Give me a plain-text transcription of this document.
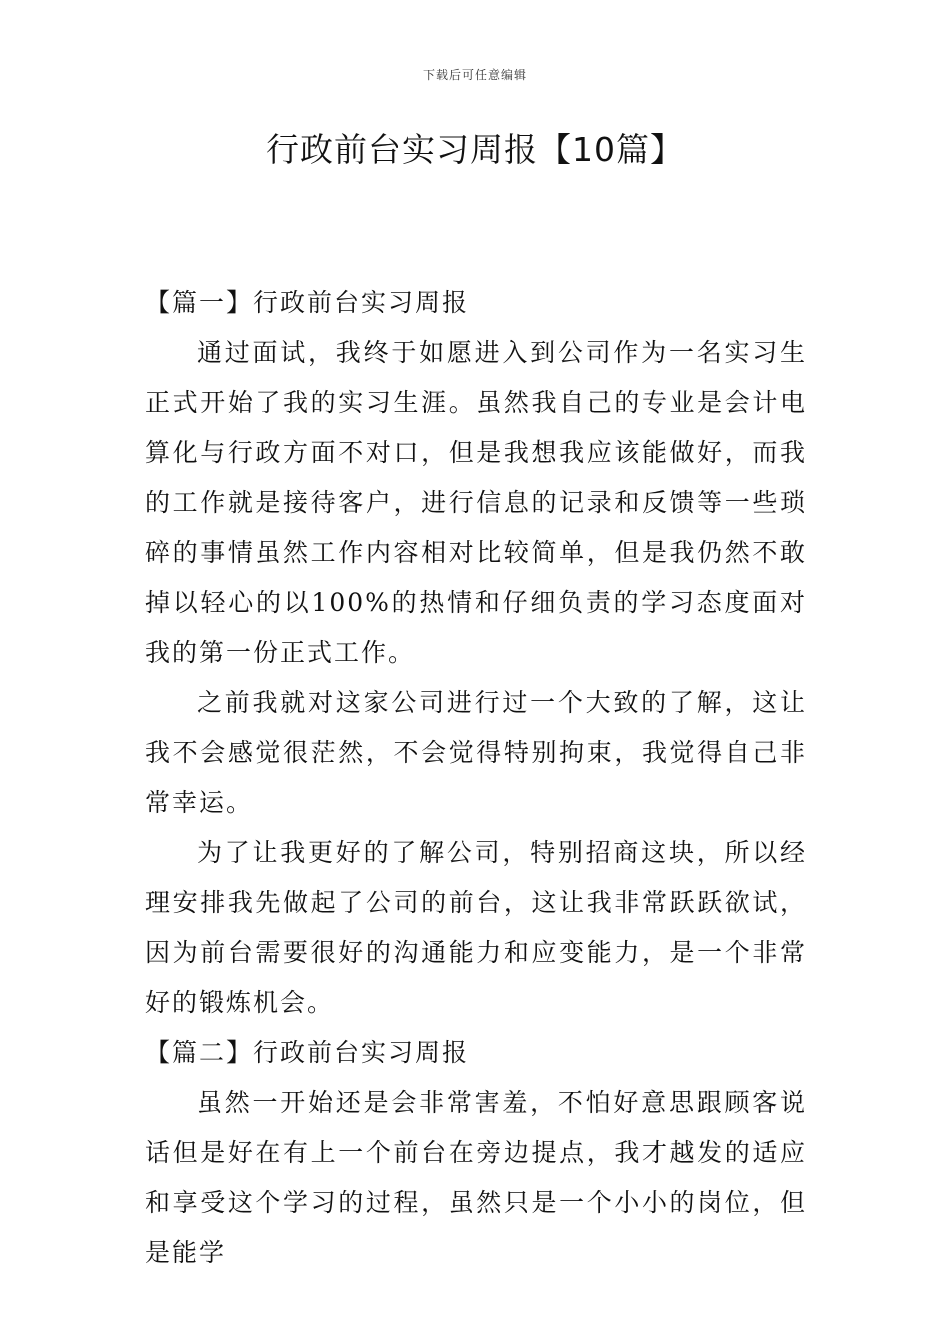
下载后可任意编辑
行政前台实习周报【10篇】
【篇一】行政前台实习周报

通过面试，我终于如愿进入到公司作为一名实习生正式开始了我的实习生涯。虽然我自己的专业是会计电算化与行政方面不对口，但是我想我应该能做好，而我的工作就是接待客户，进行信息的记录和反馈等一些琐碎的事情虽然工作内容相对比较简单，但是我仍然不敢掉以轻心的以100%的热情和仔细负责的学习态度面对我的第一份正式工作。

之前我就对这家公司进行过一个大致的了解，这让我不会感觉很茫然，不会觉得特别拘束，我觉得自己非常幸运。

为了让我更好的了解公司，特别招商这块，所以经理安排我先做起了公司的前台，这让我非常跃跃欲试，因为前台需要很好的沟通能力和应变能力，是一个非常好的锻炼机会。

【篇二】行政前台实习周报

虽然一开始还是会非常害羞，不怕好意思跟顾客说话但是好在有上一个前台在旁边提点，我才越发的适应和享受这个学习的过程，虽然只是一个小小的岗位，但是能学
